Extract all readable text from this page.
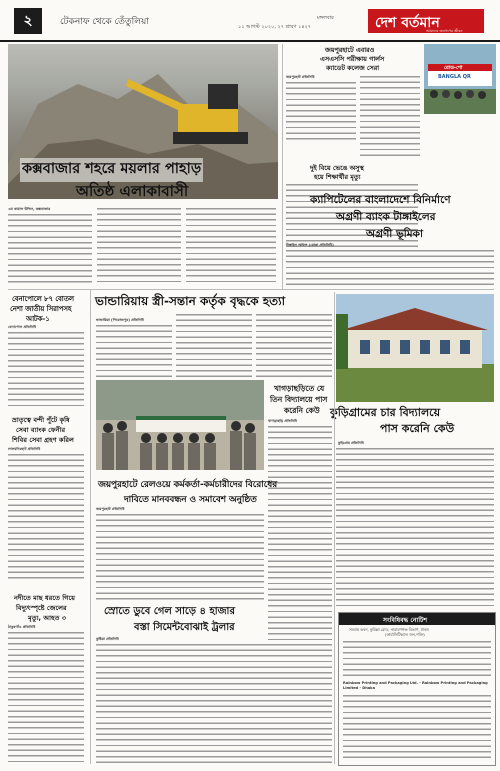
২	টেকনাফ থেকে তেঁতুলিয়া	মঙ্গলবার
১১ আগস্ট ২০২০, ২৭ শ্রাবণ ১৪২৭	দেশ বর্তমান
আমাদের জনগণের জীবন
কক্সবাজার শহরে ময়লার পাহাড়
অতিষ্ঠ এলাকাবাসী
এম কামাল উদ্দিন, কক্সবাজার
জয়পুরহাটে এবারও
এসএসসি পরীক্ষায় গার্লস
ক্যাডেট কলেজ সেরা
জয়পুরহাট প্রতিনিধি
দুই বিয়ে ভেঙে অসুস্থ
হয়ে শিক্ষার্থীর মৃত্যু
রোড-শো
BANGLA QR
ক্যাপিটেলের বাংলাদেশে বিনির্মাণে
অগ্রণী ব্যাংক টাঙ্গাইলের
অগ্রণী ভূমিকা
টাঙ্গাইল অফিস (মোকা প্রতিনিধি)
ভান্ডারিয়ায় স্ত্রী-সন্তান কর্তৃক বৃদ্ধকে হত্যা
বেনাপোলে ৮৭ বোতল
নেশা জাতীয় সিরাপসহ
আটক-১
বেনাপোল প্রতিনিধি
ভান্ডারিয়া (পিরোজপুর) প্রতিনিধি
কুড়িগ্রামের চার বিদ্যালয়ে
পাস করেনি কেউ
কুড়িগ্রাম প্রতিনিধি
ভ্রাতৃত্বে বন্দী পুঁটে কৃষি
সেবা ব্যাংক ফেনীর
শিবির সেবা গ্রহণ করিল
লালমনিরহাট প্রতিনিধি
খাগড়াছড়িতে যে
তিন বিদ্যালয়ে পাস
করেনি কেউ
খাগড়াছড়ি প্রতিনিধি
জয়পুরহাটে রেলওয়ে কর্মকর্তা-কর্মচারীদের বিরোধের
দাবিতে মানববন্ধন ও সমাবেশ অনুষ্ঠিত
জয়পুরহাট প্রতিনিধি
নদীতে মাছ ধরতে গিয়ে
বিদ্যুৎস্পৃষ্টে জেলের
মৃত্যু, আহত ৩
ঠাকুরগাঁও প্রতিনিধি
স্রোতে ডুবে গেল সাড়ে ৪ হাজার
বস্তা সিমেন্টবোঝাই ট্রলার
কুষ্টিয়া প্রতিনিধি
সংবিধিবদ্ধ নোটিশ
সমবায় ভবন, কুমিল্লা রোড, নারায়ণগঞ্জ বিভাগ, ঢাকা।
(ফার্মাসিটিক্যাল জন-শক্তি)
Rainbow Printing and Packaging Ltd. - Rainbow Printing and Packaging Limited - Dhaka
